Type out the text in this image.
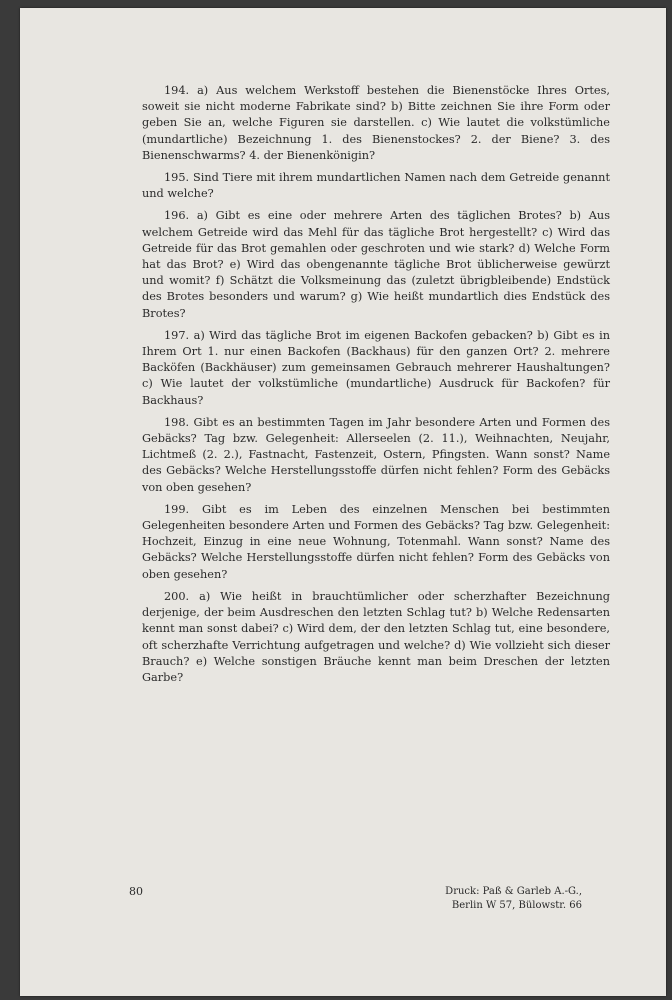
194. a) Aus welchem Werkstoff bestehen die Bienenstöcke Ihres Ortes, soweit sie nicht moderne Fabrikate sind? b) Bitte zeichnen Sie ihre Form oder geben Sie an, welche Figuren sie darstellen. c) Wie lautet die volkstümliche (mundartliche) Bezeichnung 1. des Bienenstockes? 2. der Biene? 3. des Bienenschwarms? 4. der Bienenkönigin?

195. Sind Tiere mit ihrem mundartlichen Namen nach dem Getreide genannt und welche?

196. a) Gibt es eine oder mehrere Arten des täglichen Brotes? b) Aus welchem Getreide wird das Mehl für das tägliche Brot hergestellt? c) Wird das Getreide für das Brot gemahlen oder geschroten und wie stark? d) Welche Form hat das Brot? e) Wird das obengenannte tägliche Brot üblicherweise gewürzt und womit? f) Schätzt die Volksmeinung das (zuletzt übrigbleibende) Endstück des Brotes besonders und warum? g) Wie heißt mundartlich dies Endstück des Brotes?

197. a) Wird das tägliche Brot im eigenen Backofen gebacken? b) Gibt es in Ihrem Ort 1. nur einen Backofen (Backhaus) für den ganzen Ort? 2. mehrere Backöfen (Backhäuser) zum gemeinsamen Gebrauch mehrerer Haushaltungen? c) Wie lautet der volkstümliche (mundartliche) Ausdruck für Backofen? für Backhaus?

198. Gibt es an bestimmten Tagen im Jahr besondere Arten und Formen des Gebäcks? Tag bzw. Gelegenheit: Allerseelen (2. 11.), Weihnachten, Neujahr, Lichtmeß (2. 2.), Fastnacht, Fastenzeit, Ostern, Pfingsten. Wann sonst? Name des Gebäcks? Welche Herstellungsstoffe dürfen nicht fehlen? Form des Gebäcks von oben gesehen?

199. Gibt es im Leben des einzelnen Menschen bei bestimmten Gelegenheiten besondere Arten und Formen des Gebäcks? Tag bzw. Gelegenheit: Hochzeit, Einzug in eine neue Wohnung, Totenmahl. Wann sonst? Name des Gebäcks? Welche Herstellungsstoffe dürfen nicht fehlen? Form des Gebäcks von oben gesehen?

200. a) Wie heißt in brauchtümlicher oder scherzhafter Bezeichnung derjenige, der beim Ausdreschen den letzten Schlag tut? b) Welche Redensarten kennt man sonst dabei? c) Wird dem, der den letzten Schlag tut, eine besondere, oft scherzhafte Verrichtung aufgetragen und welche? d) Wie vollzieht sich dieser Brauch? e) Welche sonstigen Bräuche kennt man beim Dreschen der letzten Garbe?

80	Druck: Paß & Garleb A.-G.,
Berlin W 57, Bülowstr. 66
